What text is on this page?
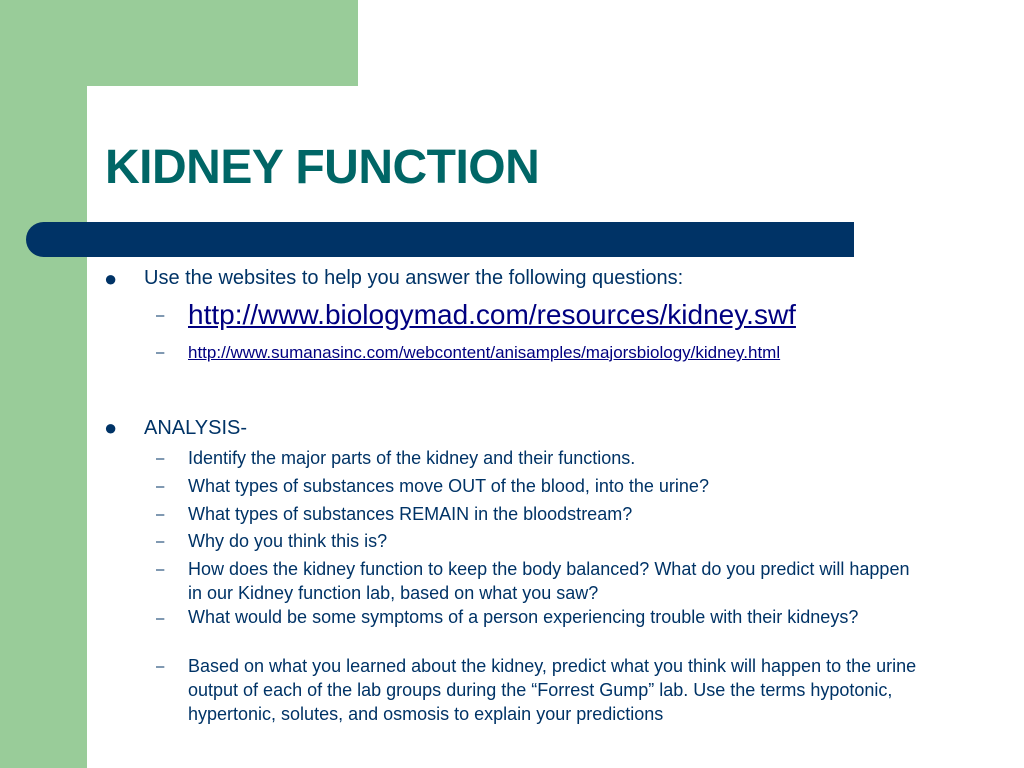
KIDNEY FUNCTION
● Use the websites to help you answer the following questions:
– http://www.biologymad.com/resources/kidney.swf
– http://www.sumanasinc.com/webcontent/anisamples/majorsbiology/kidney.html
● ANALYSIS-
– Identify the major parts of the kidney and their functions.
– What types of substances move OUT of the blood, into the urine?
– What types of substances REMAIN in the bloodstream?
– Why do you think this is?
– How does the kidney function to keep the body balanced? What do you predict will happen in our Kidney function lab, based on what you saw?
– What would be some symptoms of a person experiencing trouble with their kidneys?
– Based on what you learned about the kidney, predict what you think will happen to the urine output of each of the lab groups during the “Forrest Gump” lab. Use the terms hypotonic, hypertonic, solutes, and osmosis to explain your predictions
